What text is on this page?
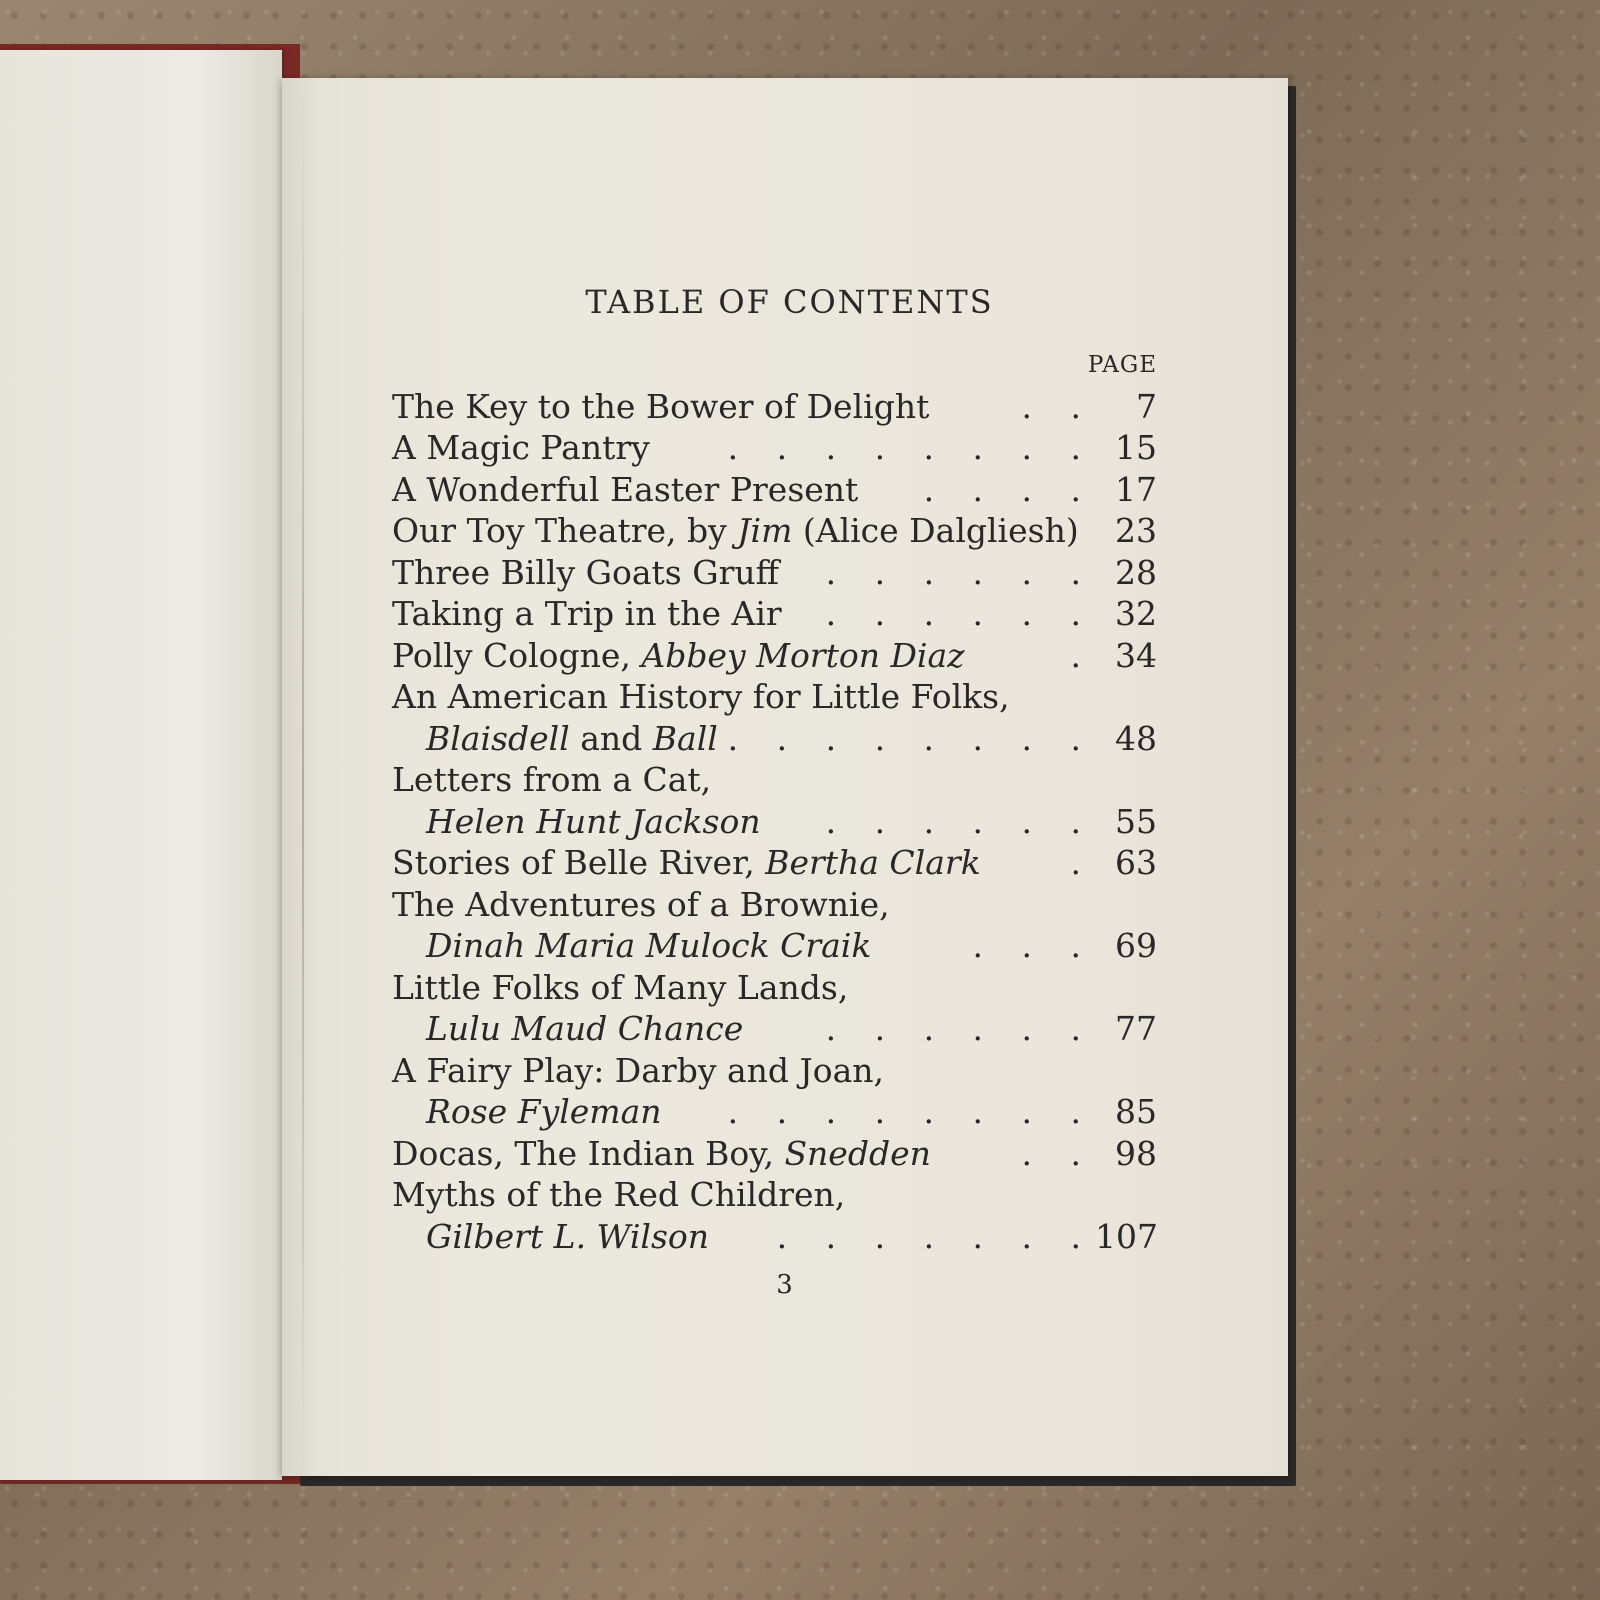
TABLE OF CONTENTS
PAGE
The Key to the Bower of Delight	. .	7
A Magic Pantry	. . . . . . . . 15
A Wonderful Easter Present	. . . . 17
Our Toy Theatre, by Jim (Alice Dalgliesh)	23
Three Billy Goats Gruff	. . . . . . 28
Taking a Trip in the Air	. . . . . . 32
Polly Cologne, Abbey Morton Diaz	. 34
An American History for Little Folks,
Blaisdell and Ball . . . . . . . . 48
Letters from a Cat,
Helen Hunt Jackson	. . . . . . 55
Stories of Belle River, Bertha Clark	. 63
The Adventures of a Brownie,
Dinah Maria Mulock Craik	. . . 69
Little Folks of Many Lands,
Lulu Maud Chance	. . . . . . 77
A Fairy Play: Darby and Joan,
Rose Fyleman	. . . . . . . . 85
Docas, The Indian Boy, Snedden	. . 98
Myths of the Red Children,
Gilbert L. Wilson	. . . . . . . 107
3
